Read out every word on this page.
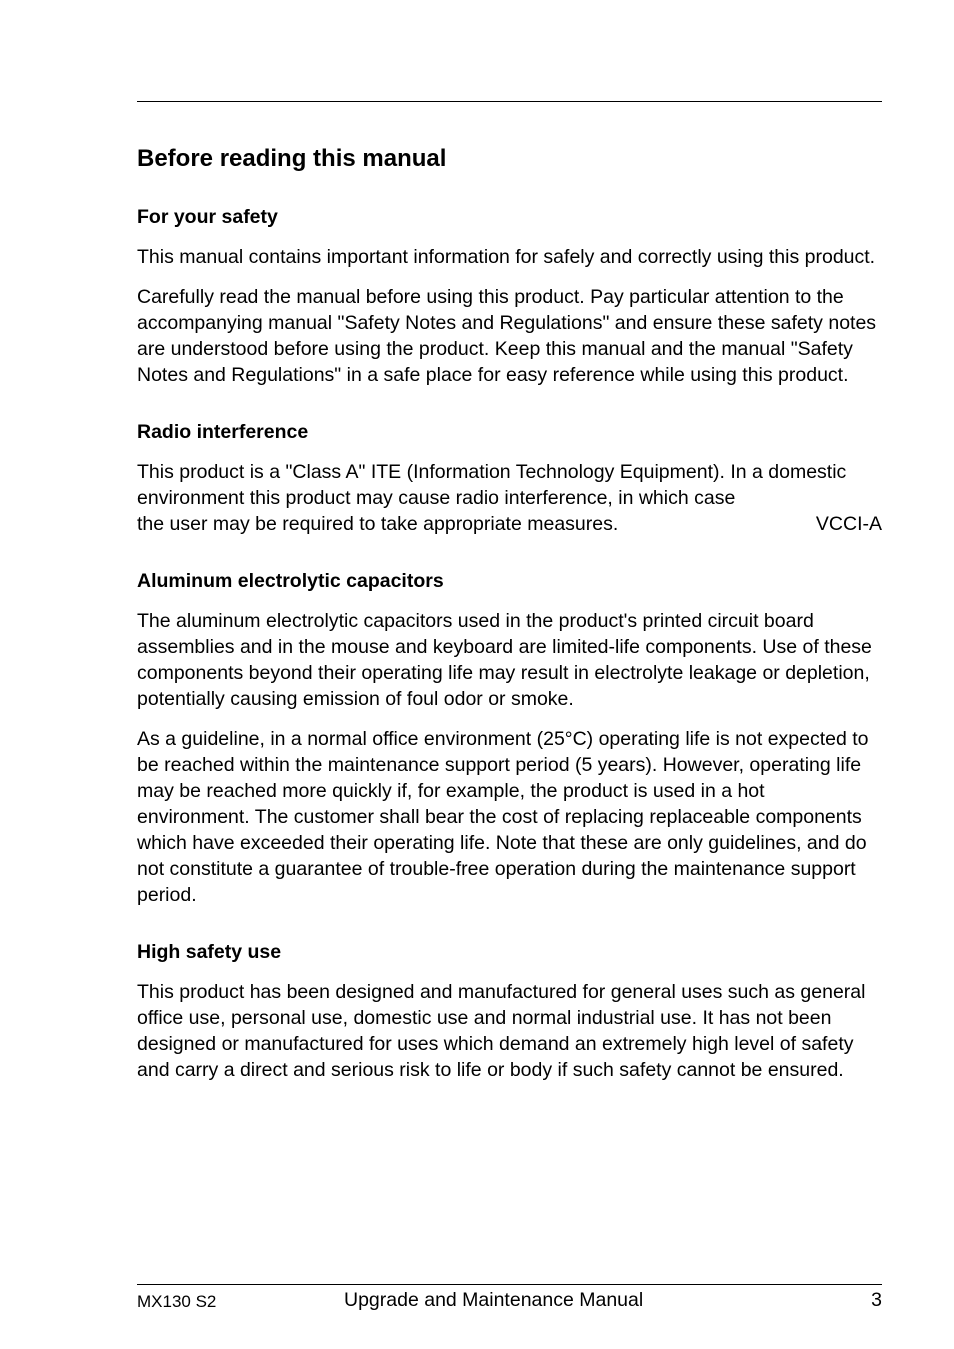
Before reading this manual
For your safety

This manual contains important information for safely and correctly using this product.

Carefully read the manual before using this product. Pay particular attention to the accompanying manual "Safety Notes and Regulations" and ensure these safety notes are understood before using the product. Keep this manual and the manual "Safety Notes and Regulations" in a safe place for easy reference while using this product.

Radio interference

This product is a "Class A" ITE (Information Technology Equipment). In a domestic environment this product may cause radio interference, in which case

the user may be required to take appropriate measures.	VCCI-A

Aluminum electrolytic capacitors

The aluminum electrolytic capacitors used in the product's printed circuit board assemblies and in the mouse and keyboard are limited-life components. Use of these components beyond their operating life may result in electrolyte leakage or depletion, potentially causing emission of foul odor or smoke.

As a guideline, in a normal office environment (25°C) operating life is not expected to be reached within the maintenance support period (5 years). However, operating life may be reached more quickly if, for example, the product is used in a hot environment. The customer shall bear the cost of replacing replaceable components which have exceeded their operating life. Note that these are only guidelines, and do not constitute a guarantee of trouble-free operation during the maintenance support period.

High safety use

This product has been designed and manufactured for general uses such as general office use, personal use, domestic use and normal industrial use. It has not been designed or manufactured for uses which demand an extremely high level of safety and carry a direct and serious risk to life or body if such safety cannot be ensured.

MX130 S2	Upgrade and Maintenance Manual	3
